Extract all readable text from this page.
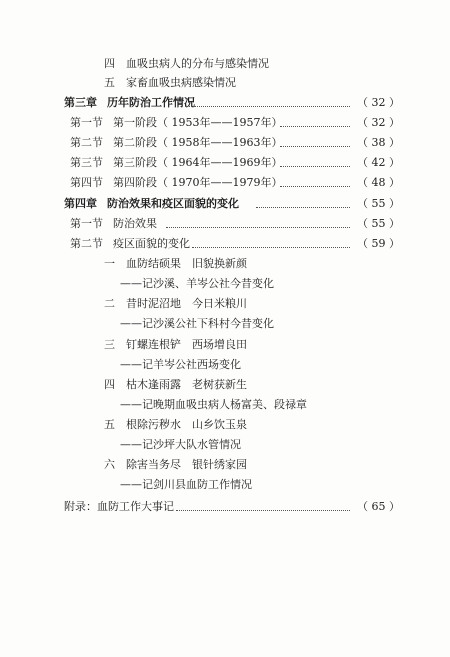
四 血吸虫病人的分布与感染情况
五 家畜血吸虫病感染情况
第三章 历年防治工作情况	（ 32 ）
第一节 第一阶段（ 1953年——1957年）	（ 32 ）
第二节 第二阶段（ 1958年——1963年）	（ 38 ）
第三节 第三阶段（ 1964年——1969年）	（ 42 ）
第四节 第四阶段（ 1970年——1979年）	（ 48 ）
第四章 防治效果和疫区面貌的变化	（ 55 ）
第一节 防治效果	（ 55 ）
第二节 疫区面貌的变化	（ 59 ）
一 血防结硕果　旧貌换新颜
——记沙溪、羊岑公社今昔变化
二 昔时泥沼地　今日米粮川
——记沙溪公社下科村今昔变化
三 钉螺连根铲　西场增良田
——记羊岑公社西场变化
四 枯木逢雨露　老树获新生
——记晚期血吸虫病人杨富美、段禄章
五 根除污秽水　山乡饮玉泉
——记沙坪大队水管情况
六 除害当务尽　银针绣家园
——记剑川县血防工作情况
附录：血防工作大事记	（ 65 ）
